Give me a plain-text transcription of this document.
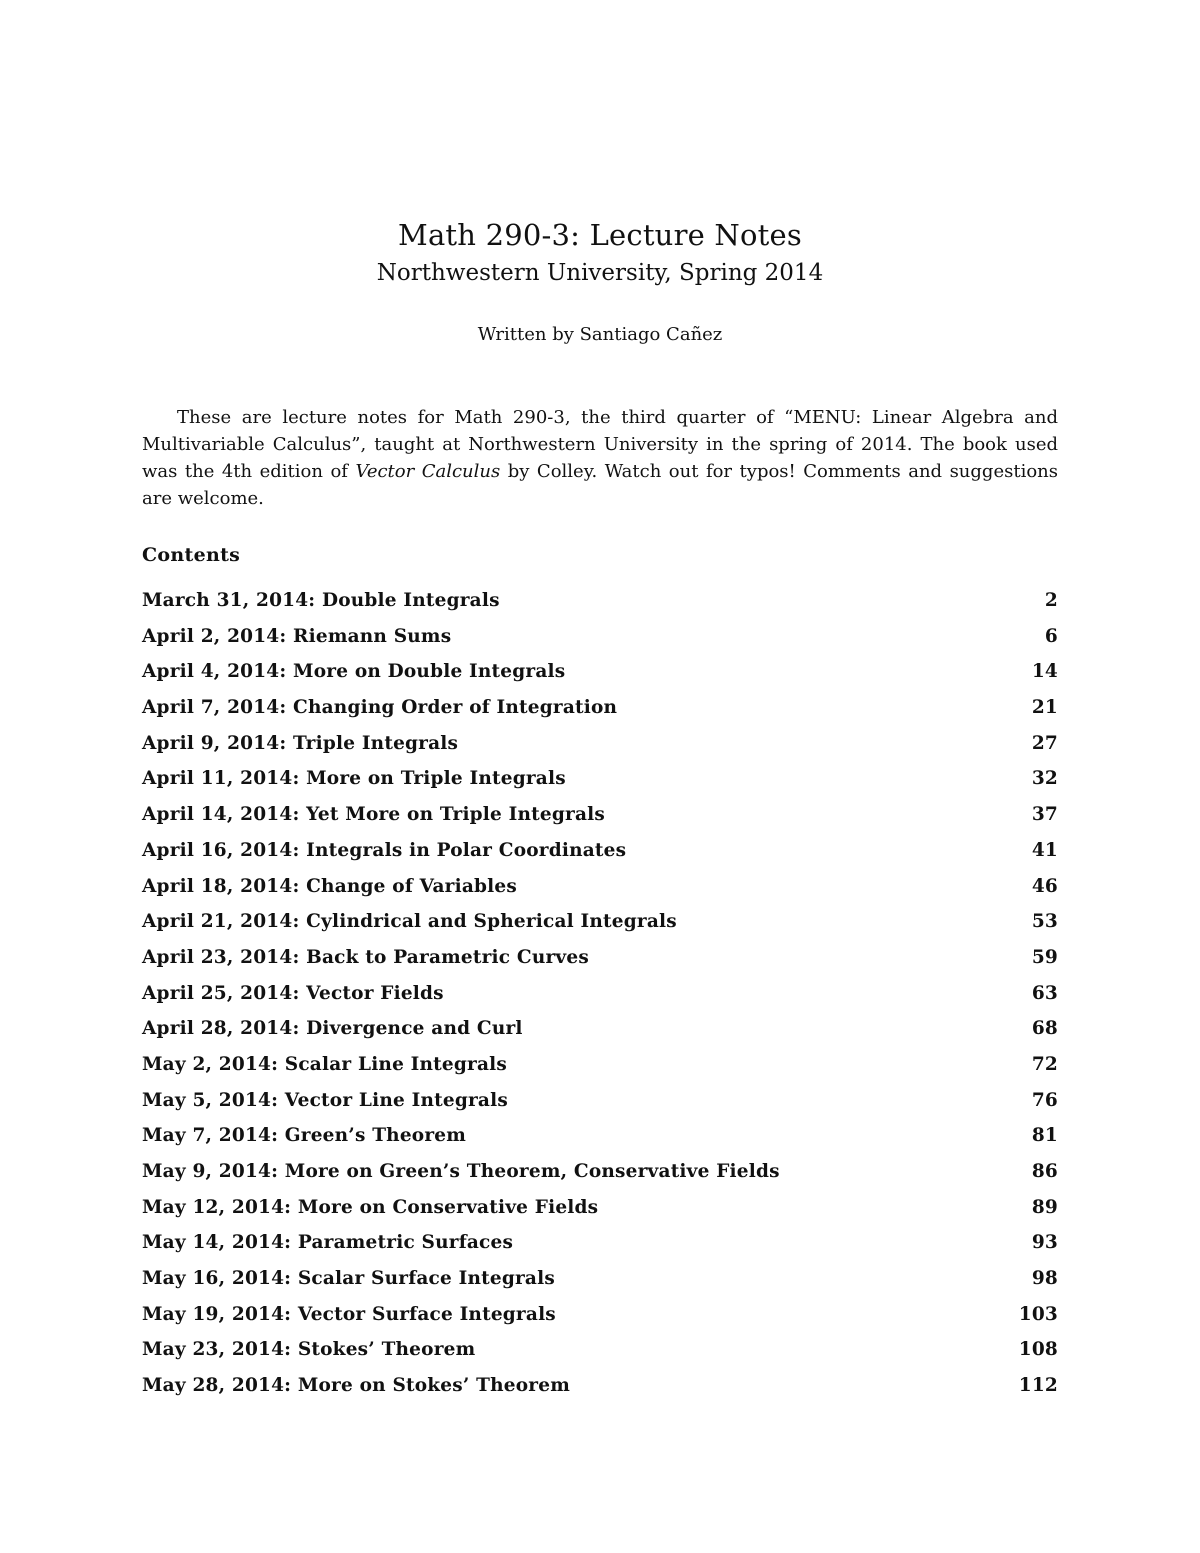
Math 290-3: Lecture Notes
Northwestern University, Spring 2014
Written by Santiago Cañez

These are lecture notes for Math 290-3, the third quarter of “MENU: Linear Algebra and Multivariable Calculus”, taught at Northwestern University in the spring of 2014. The book used was the 4th edition of Vector Calculus by Colley. Watch out for typos! Comments and suggestions are welcome.

Contents
March 31, 2014: Double Integrals	2
April 2, 2014: Riemann Sums	6
April 4, 2014: More on Double Integrals	14
April 7, 2014: Changing Order of Integration	21
April 9, 2014: Triple Integrals	27
April 11, 2014: More on Triple Integrals	32
April 14, 2014: Yet More on Triple Integrals	37
April 16, 2014: Integrals in Polar Coordinates	41
April 18, 2014: Change of Variables	46
April 21, 2014: Cylindrical and Spherical Integrals	53
April 23, 2014: Back to Parametric Curves	59
April 25, 2014: Vector Fields	63
April 28, 2014: Divergence and Curl	68
May 2, 2014: Scalar Line Integrals	72
May 5, 2014: Vector Line Integrals	76
May 7, 2014: Green’s Theorem	81
May 9, 2014: More on Green’s Theorem, Conservative Fields	86
May 12, 2014: More on Conservative Fields	89
May 14, 2014: Parametric Surfaces	93
May 16, 2014: Scalar Surface Integrals	98
May 19, 2014: Vector Surface Integrals	103
May 23, 2014: Stokes’ Theorem	108
May 28, 2014: More on Stokes’ Theorem	112
